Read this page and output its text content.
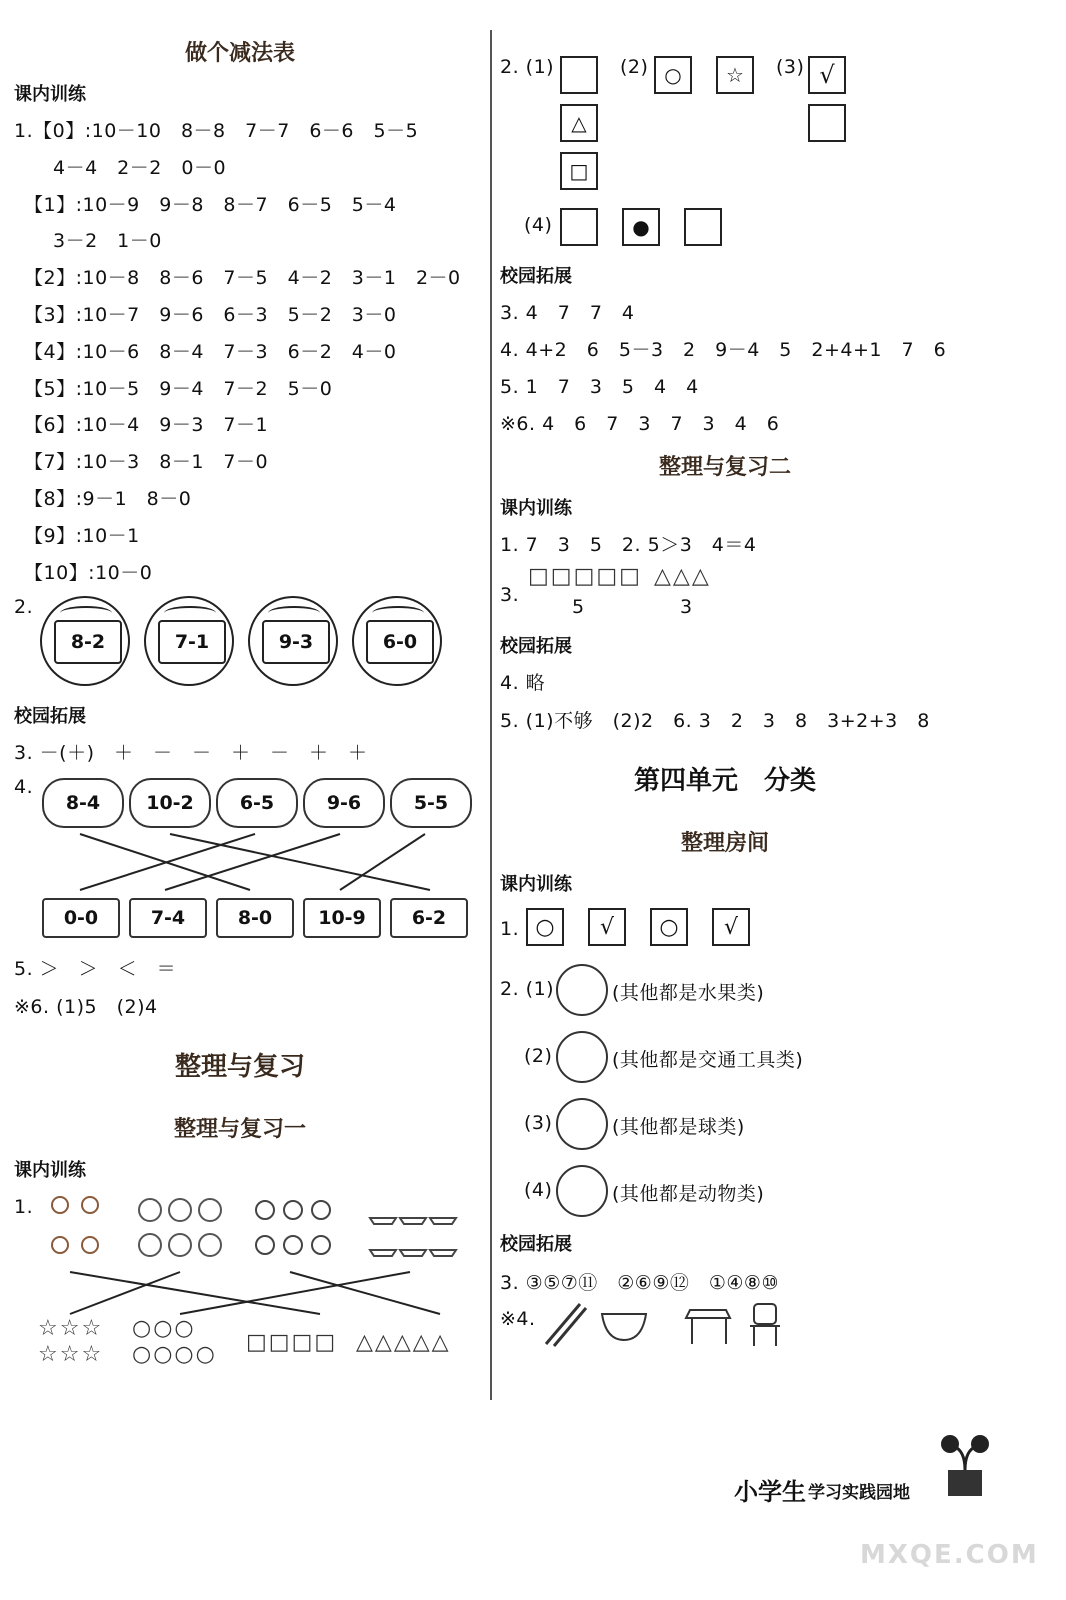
做个减法表
课内训练
1.【0】:10－10　8－8　7－7　6－6　5－5
　　4－4　2－2　0－0
　【1】:10－9　9－8　8－7　6－5　5－4
　　3－2　1－0
　【2】:10－8　8－6　7－5　4－2　3－1　2－0
　【3】:10－7　9－6　6－3　5－2　3－0
　【4】:10－6　8－4　7－3　6－2　4－0
　【5】:10－5　9－4　7－2　5－0
　【6】:10－4　9－3　7－1
　【7】:10－3　8－1　7－0
　【8】:9－1　8－0
　【9】:10－1
　【10】:10－0
2.
8-2	7-1	9-3	6-0
校园拓展
3. －(＋)　＋　－　－　＋　－　＋　＋
4.
8-4	10-2	6-5	9-6	5-5
0-0	7-4	8-0	10-9	6-2
5. ＞　＞　＜　＝
※6. (1)5　(2)4
整理与复习
整理与复习一
课内训练
1.
☆☆☆
☆☆☆
○○○
○○○○ □□□□ △△△△△
2. (1)
△
□
(2) ○	☆	(3) √
(4)	●
校园拓展
3. 4　7　7　4
4. 4+2　6　5－3　2　9－4　5　2+4+1　7　6
5. 1　7　3　5　4　4
※6. 4　6　7　3　7　3　4　6
整理与复习二
课内训练
1. 7　3　5　2. 5＞3　4＝4
3.
□□□□□ △△△
5	3
校园拓展
4. 略
5. (1)不够　(2)2　6. 3　2　3　8　3+2+3　8
第四单元　分类
整理房间
课内训练
1. ○	√	○	√
2. (1)	(其他都是水果类)
(2)	(其他都是交通工具类)
(3)	(其他都是球类)
(4)	(其他都是动物类)
校园拓展
3. ③⑤⑦⑪　②⑥⑨⑫　①④⑧⑩
※4.
小学生 学习实践园地
MXQE.COM
